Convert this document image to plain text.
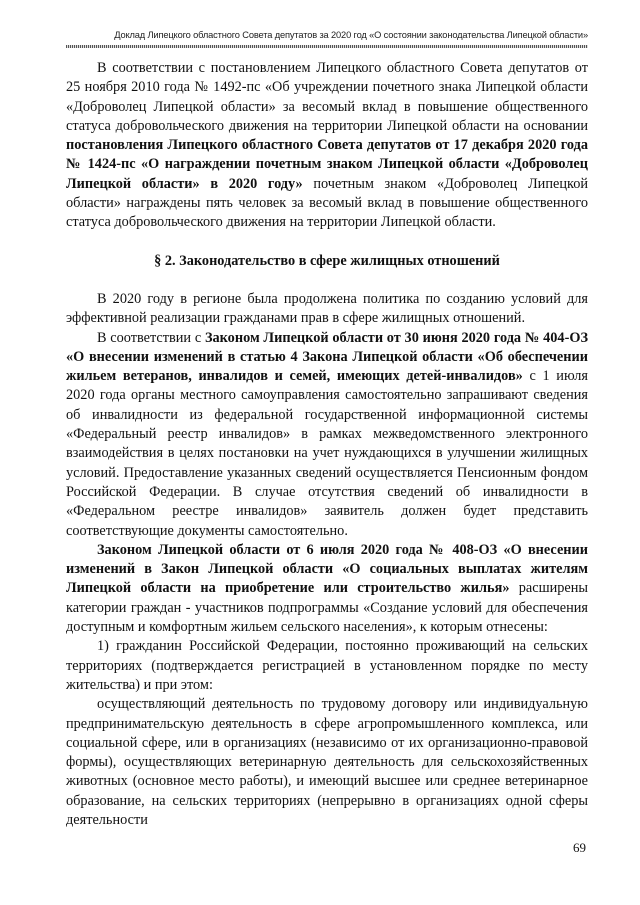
Доклад Липецкого областного Совета депутатов за 2020 год «О состоянии законодательства Липецкой области»

В соответствии с постановлением Липецкого областного Совета депутатов от 25 ноября 2010 года № 1492-пс «Об учреждении почетного знака Липецкой области «Доброволец Липецкой области» за весомый вклад в повышение общественного статуса добровольческого движения на территории Липецкой области на основании постановления Липецкого областного Совета депутатов от 17 декабря 2020 года № 1424-пс «О награждении почетным знаком Липецкой области «Доброволец Липецкой области» в 2020 году» почетным знаком «Доброволец Липецкой области» награждены пять человек за весомый вклад в повышение общественного статуса добровольческого движения на территории Липецкой области.

§ 2. Законодательство в сфере жилищных отношений

В 2020 году в регионе была продолжена политика по созданию условий для эффективной реализации гражданами прав в сфере жилищных отношений.

В соответствии с Законом Липецкой области от 30 июня 2020 года № 404-ОЗ «О внесении изменений в статью 4 Закона Липецкой области «Об обеспечении жильем ветеранов, инвалидов и семей, имеющих детей-инвалидов» с 1 июля 2020 года органы местного самоуправления самостоятельно запрашивают сведения об инвалидности из федеральной государственной информационной системы «Федеральный реестр инвалидов» в рамках межведомственного электронного взаимодействия в целях постановки на учет нуждающихся в улучшении жилищных условий. Предоставление указанных сведений осуществляется Пенсионным фондом Российской Федерации. В случае отсутствия сведений об инвалидности в «Федеральном реестре инвалидов» заявитель должен будет представить соответствующие документы самостоятельно.

Законом Липецкой области от 6 июля 2020 года № 408-ОЗ «О внесении изменений в Закон Липецкой области «О социальных выплатах жителям Липецкой области на приобретение или строительство жилья» расширены категории граждан - участников подпрограммы «Создание условий для обеспечения доступным и комфортным жильем сельского населения», к которым отнесены:

1) гражданин Российской Федерации, постоянно проживающий на сельских территориях (подтверждается регистрацией в установленном порядке по месту жительства) и при этом:

осуществляющий деятельность по трудовому договору или индивидуальную предпринимательскую деятельность в сфере агропромышленного комплекса, или социальной сфере, или в организациях (независимо от их организационно-правовой формы), осуществляющих ветеринарную деятельность для сельскохозяйственных животных (основное место работы), и имеющий высшее или среднее ветеринарное образование, на сельских территориях (непрерывно в организациях одной сферы деятельности

69
